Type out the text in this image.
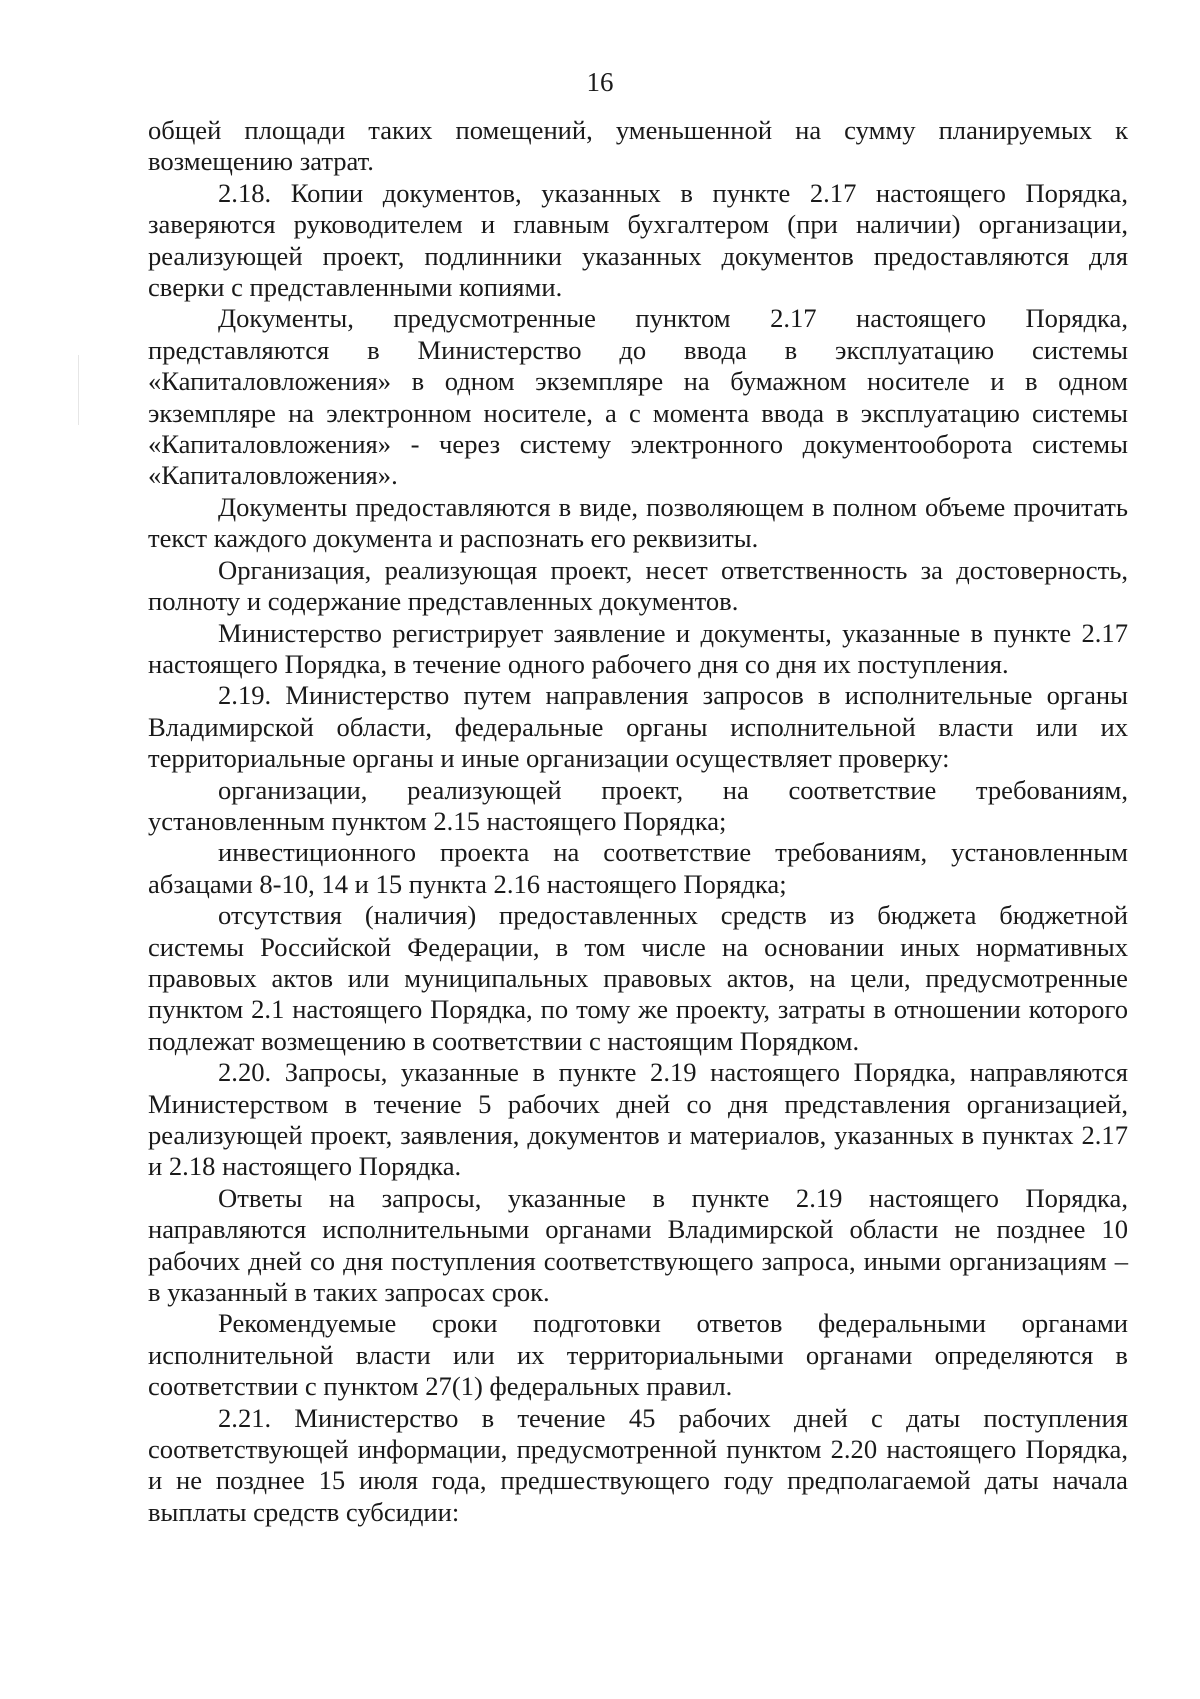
16

общей площади таких помещений, уменьшенной на сумму планируемых к возмещению затрат.

2.18. Копии документов, указанных в пункте 2.17 настоящего Порядка, заверяются руководителем и главным бухгалтером (при наличии) организации, реализующей проект, подлинники указанных документов предоставляются для сверки с представленными копиями.

Документы, предусмотренные пунктом 2.17 настоящего Порядка, представляются в Министерство до ввода в эксплуатацию системы «Капиталовложения» в одном экземпляре на бумажном носителе и в одном экземпляре на электронном носителе, а с момента ввода в эксплуатацию системы «Капиталовложения» - через систему электронного документооборота системы «Капиталовложения».

Документы предоставляются в виде, позволяющем в полном объеме прочитать текст каждого документа и распознать его реквизиты.

Организация, реализующая проект, несет ответственность за достоверность, полноту и содержание представленных документов.

Министерство регистрирует заявление и документы, указанные в пункте 2.17 настоящего Порядка, в течение одного рабочего дня со дня их поступления.

2.19. Министерство путем направления запросов в исполнительные органы Владимирской области, федеральные органы исполнительной власти или их территориальные органы и иные организации осуществляет проверку:

организации, реализующей проект, на соответствие требованиям, установленным пунктом 2.15 настоящего Порядка;

инвестиционного проекта на соответствие требованиям, установленным абзацами 8-10, 14 и 15 пункта 2.16 настоящего Порядка;

отсутствия (наличия) предоставленных средств из бюджета бюджетной системы Российской Федерации, в том числе на основании иных нормативных правовых актов или муниципальных правовых актов, на цели, предусмотренные пунктом 2.1 настоящего Порядка, по тому же проекту, затраты в отношении которого подлежат возмещению в соответствии с настоящим Порядком.

2.20. Запросы, указанные в пункте 2.19 настоящего Порядка, направляются Министерством в течение 5 рабочих дней со дня представления организацией, реализующей проект, заявления, документов и материалов, указанных в пунктах 2.17 и 2.18 настоящего Порядка.

Ответы на запросы, указанные в пункте 2.19 настоящего Порядка, направляются исполнительными органами Владимирской области не позднее 10 рабочих дней со дня поступления соответствующего запроса, иными организациям – в указанный в таких запросах срок.

Рекомендуемые сроки подготовки ответов федеральными органами исполнительной власти или их территориальными органами определяются в соответствии с пунктом 27(1) федеральных правил.

2.21. Министерство в течение 45 рабочих дней с даты поступления соответствующей информации, предусмотренной пунктом 2.20 настоящего Порядка, и не позднее 15 июля года, предшествующего году предполагаемой даты начала выплаты средств субсидии:
